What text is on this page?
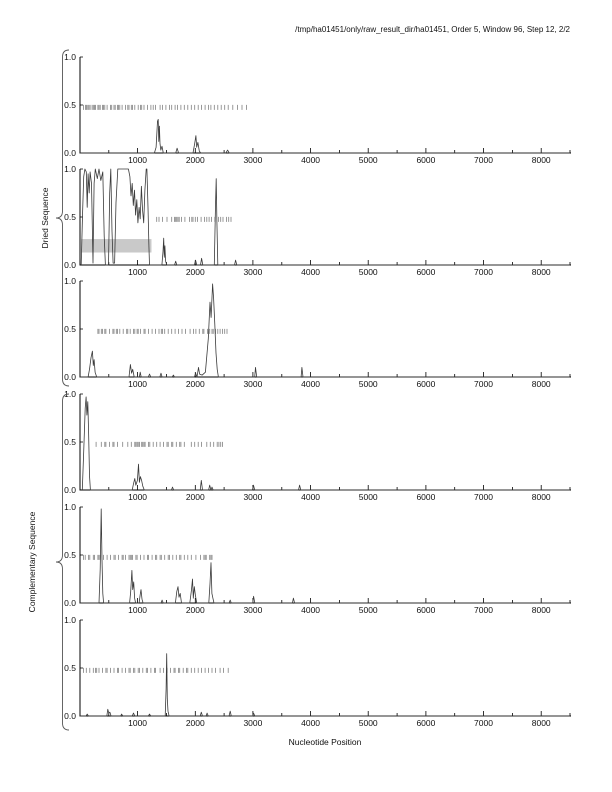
/tmp/ha01451/only/raw_result_dir/ha01451, Order 5, Window 96, Step 12, 2/2
Dried Sequence
Complementary Sequence
Nucleotide Position
1000	2000	3000	4000	5000	6000	7000	8000
0.0
0.5
1.0
1000	2000	3000	4000	5000	6000	7000	8000
0.0
0.5
1.0
1000	2000	3000	4000	5000	6000	7000	8000
0.0
0.5
1.0
1000	2000	3000	4000	5000	6000	7000	8000
0.0
0.5
1.0
1000	2000	3000	4000	5000	6000	7000	8000
0.0
0.5
1.0
1000	2000	3000	4000	5000	6000	7000	8000
0.0
0.5
1.0
